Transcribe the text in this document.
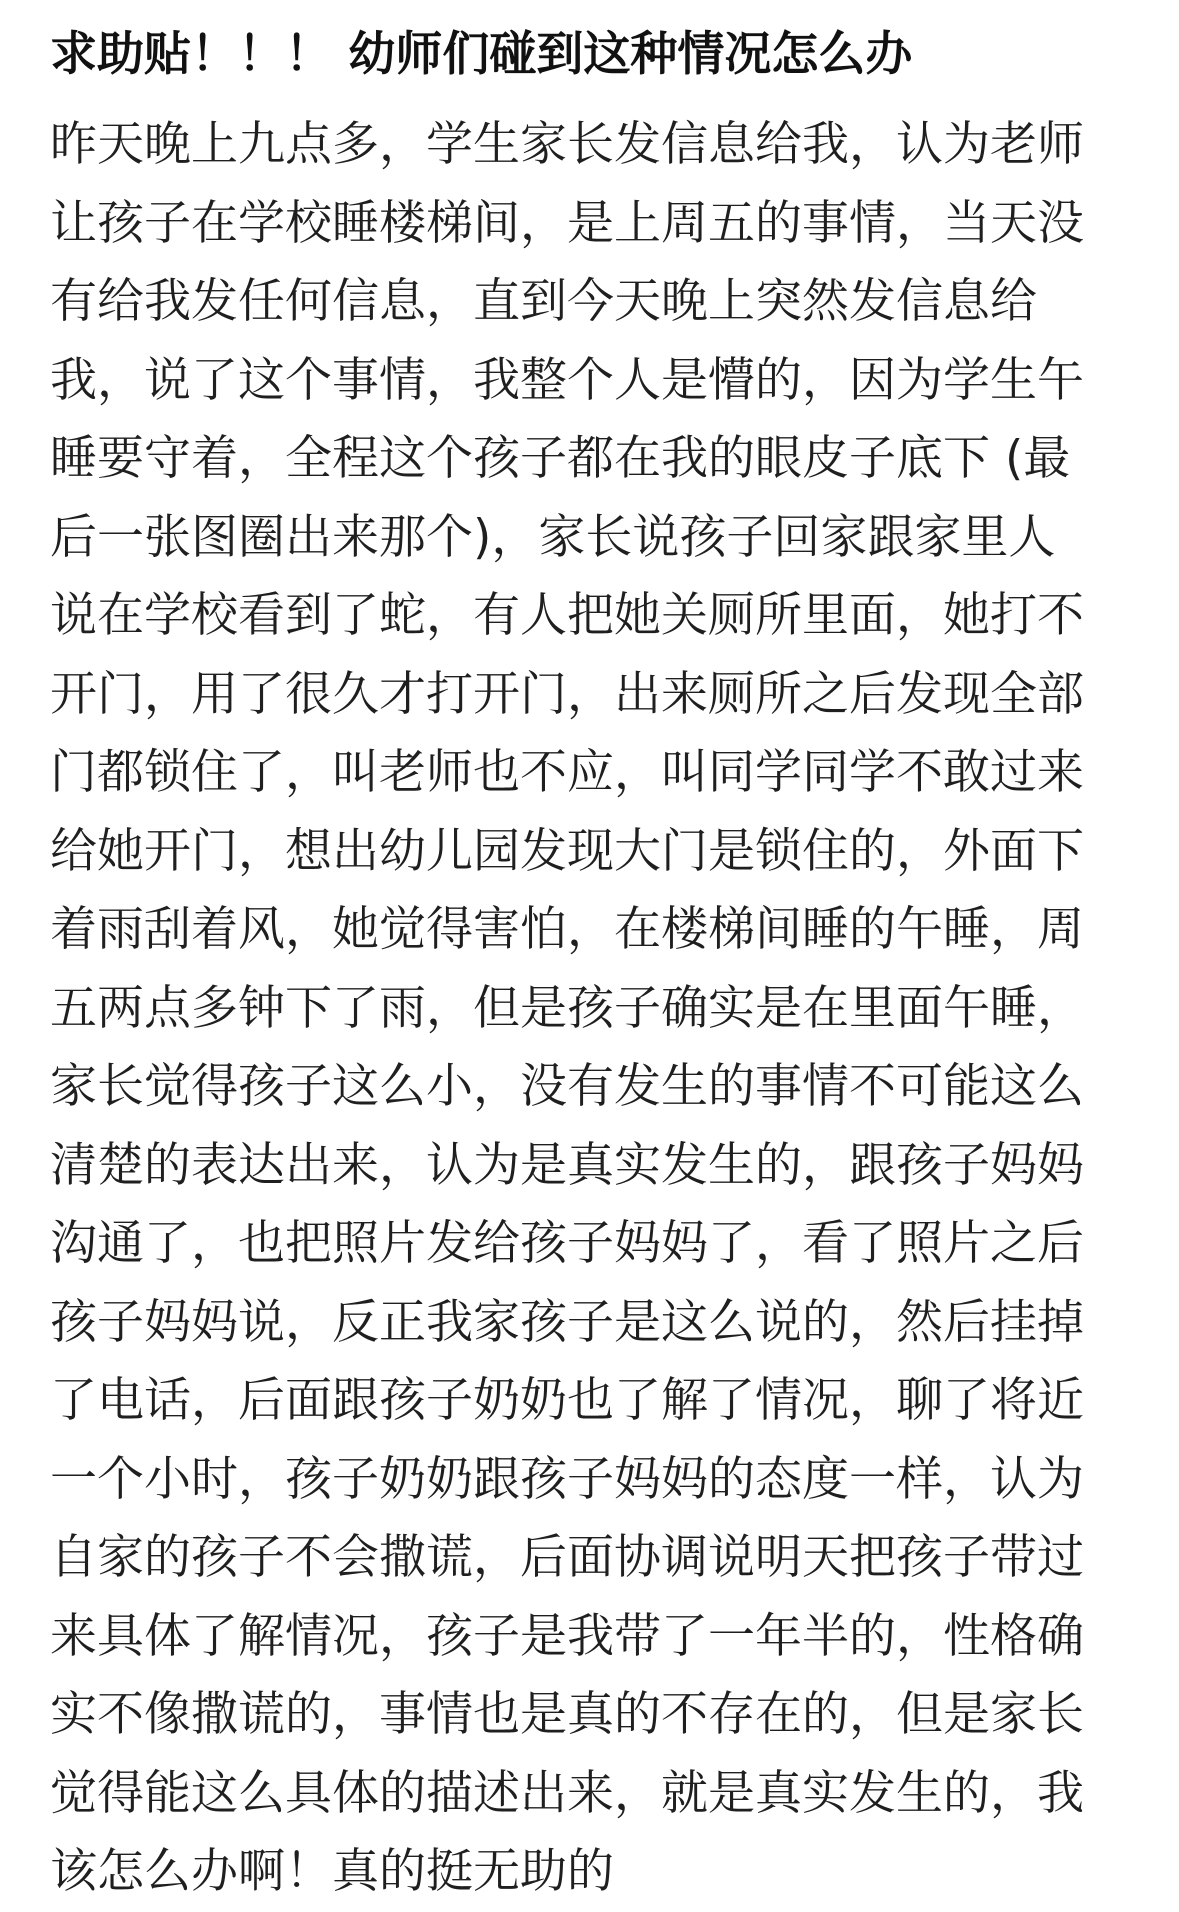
求助贴！！！ 幼师们碰到这种情况怎么办
昨天晚上九点多，学生家长发信息给我，认为老师
让孩子在学校睡楼梯间，是上周五的事情，当天没
有给我发任何信息，直到今天晚上突然发信息给
我，说了这个事情，我整个人是懵的，因为学生午
睡要守着，全程这个孩子都在我的眼皮子底下 (最
后一张图圈出来那个)，家长说孩子回家跟家里人
说在学校看到了蛇，有人把她关厕所里面，她打不
开门，用了很久才打开门，出来厕所之后发现全部
门都锁住了，叫老师也不应，叫同学同学不敢过来
给她开门，想出幼儿园发现大门是锁住的，外面下
着雨刮着风，她觉得害怕，在楼梯间睡的午睡，周
五两点多钟下了雨，但是孩子确实是在里面午睡，
家长觉得孩子这么小，没有发生的事情不可能这么
清楚的表达出来，认为是真实发生的，跟孩子妈妈
沟通了，也把照片发给孩子妈妈了，看了照片之后
孩子妈妈说，反正我家孩子是这么说的，然后挂掉
了电话，后面跟孩子奶奶也了解了情况，聊了将近
一个小时，孩子奶奶跟孩子妈妈的态度一样，认为
自家的孩子不会撒谎，后面协调说明天把孩子带过
来具体了解情况，孩子是我带了一年半的，性格确
实不像撒谎的，事情也是真的不存在的，但是家长
觉得能这么具体的描述出来，就是真实发生的，我
该怎么办啊！真的挺无助的
